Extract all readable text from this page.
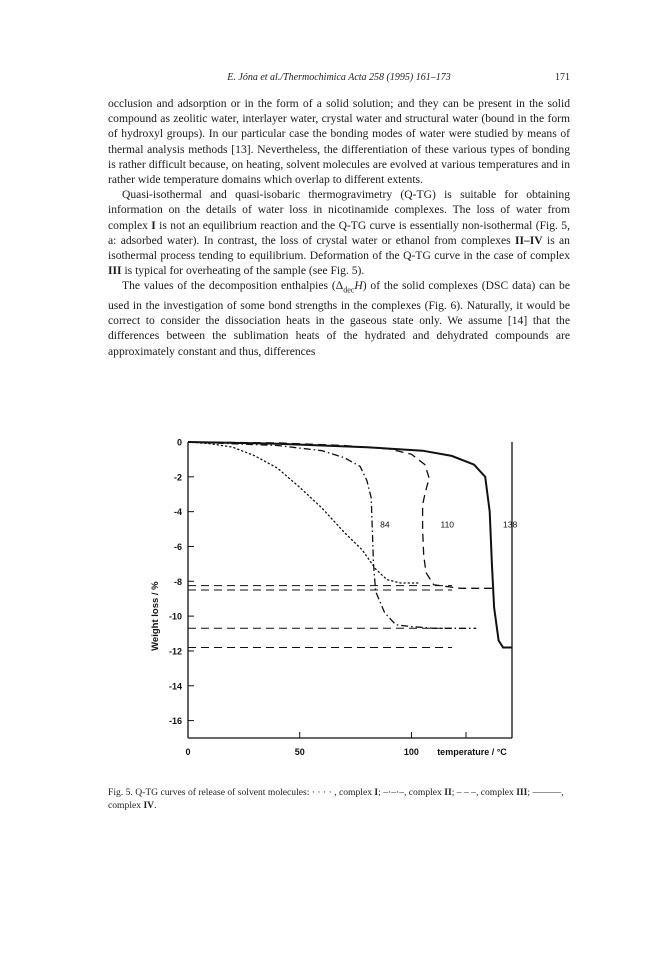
E. Jóna et al./Thermochimica Acta 258 (1995) 161–173	171

occlusion and adsorption or in the form of a solid solution; and they can be present in the solid compound as zeolitic water, interlayer water, crystal water and structural water (bound in the form of hydroxyl groups). In our particular case the bonding modes of water were studied by means of thermal analysis methods [13]. Nevertheless, the differentiation of these various types of bonding is rather difficult because, on heating, solvent molecules are evolved at various temperatures and in rather wide temperature domains which overlap to different extents.

Quasi-isothermal and quasi-isobaric thermogravimetry (Q-TG) is suitable for obtaining information on the details of water loss in nicotinamide complexes. The loss of water from complex I is not an equilibrium reaction and the Q-TG curve is essentially non-isothermal (Fig. 5, a: adsorbed water). In contrast, the loss of crystal water or ethanol from complexes II–IV is an isothermal process tending to equilibrium. Deformation of the Q-TG curve in the case of complex III is typical for overheating of the sample (see Fig. 5).

The values of the decomposition enthalpies $(\Delta_{dec}H)$ of the solid complexes (DSC data) can be used in the investigation of some bond strengths in the complexes (Fig. 6). Naturally, it would be correct to consider the dissociation heats in the gaseous state only. We assume [14] that the differences between the sublimation heats of the hydrated and dehydrated compounds are approximately constant and thus, differences

0
-2
-4
-6
-8
-10
-12
-14
-16
0	50	100 temperature / °C
Weight loss / %
84	110	138
Fig. 5. Q-TG curves of release of solvent molecules: · · · · , complex I; –·–·–, complex II; – – –, complex III; ———, complex IV.
